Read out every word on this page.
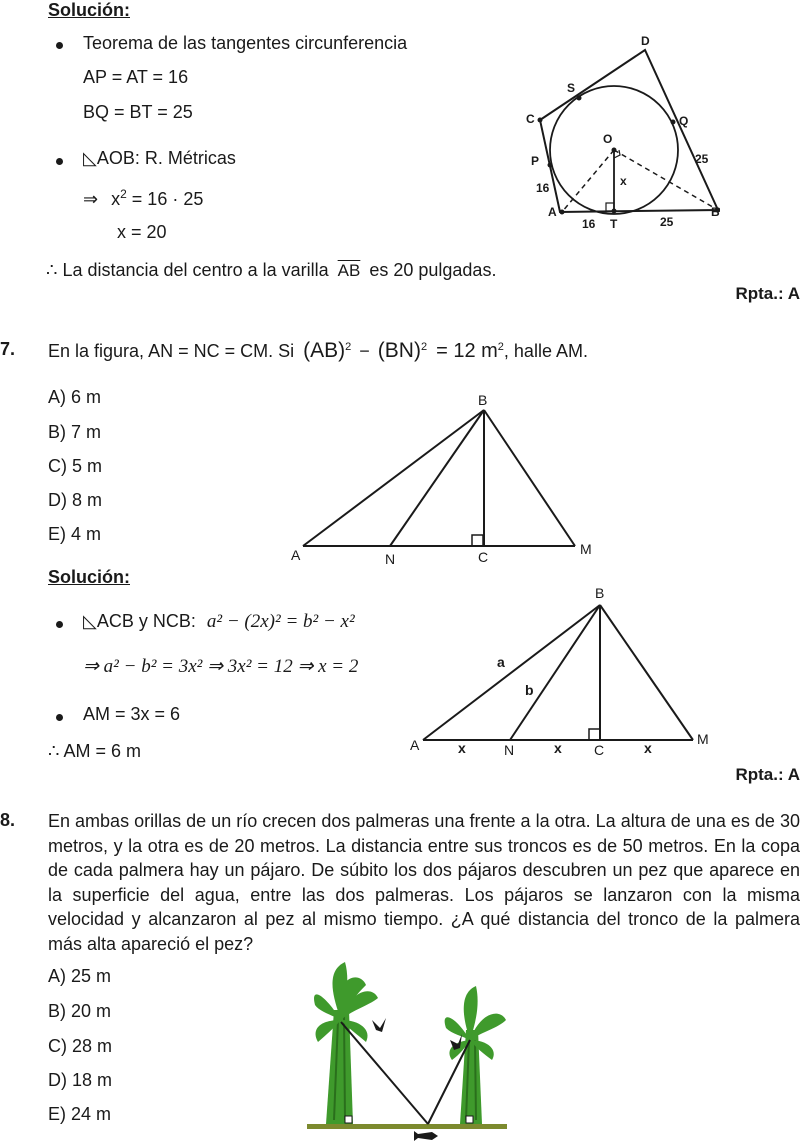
Solución:
Teorema de las tangentes circunferencia
AP = AT = 16
BQ = BT = 25
◺AOB: R. Métricas
⇒ $x^2 = 16 \cdot 25$
x = 20
∴ La distancia del centro a la varilla $\overline{AB}$ es 20 pulgadas.
Rpta.: A
D
S
C	Q
O
P	25
16	x
A
T
16	25
B
7. En la figura, AN = NC = CM. Si (AB)$^2$ − (BN)$^2$ = 12 $m^2$, halle AM.
A) 6 m
B) 7 m
C) 5 m
D) 8 m
E) 4 m
B
A	N	C	M
Solución:
◺ACB y NCB: a² − (2x)² = b² − x²
⇒ a² − b² = 3x² ⇒ 3x² = 12 ⇒ x = 2
AM = 3x = 6
∴ AM = 6 m
Rpta.: A
B
a
b
A	x	N	x C	x
M
8. En ambas orillas de un río crecen dos palmeras una frente a la otra. La altura de una es de 30 metros, y la otra es de 20 metros. La distancia entre sus troncos es de 50 metros. En la copa de cada palmera hay un pájaro. De súbito los dos pájaros descubren un pez que aparece en la superficie del agua, entre las dos palmeras. Los pájaros se lanzaron con la misma velocidad y alcanzaron al pez al mismo tiempo. ¿A qué distancia del tronco de la palmera más alta apareció el pez?
A) 25 m
B) 20 m
C) 28 m
D) 18 m
E) 24 m
